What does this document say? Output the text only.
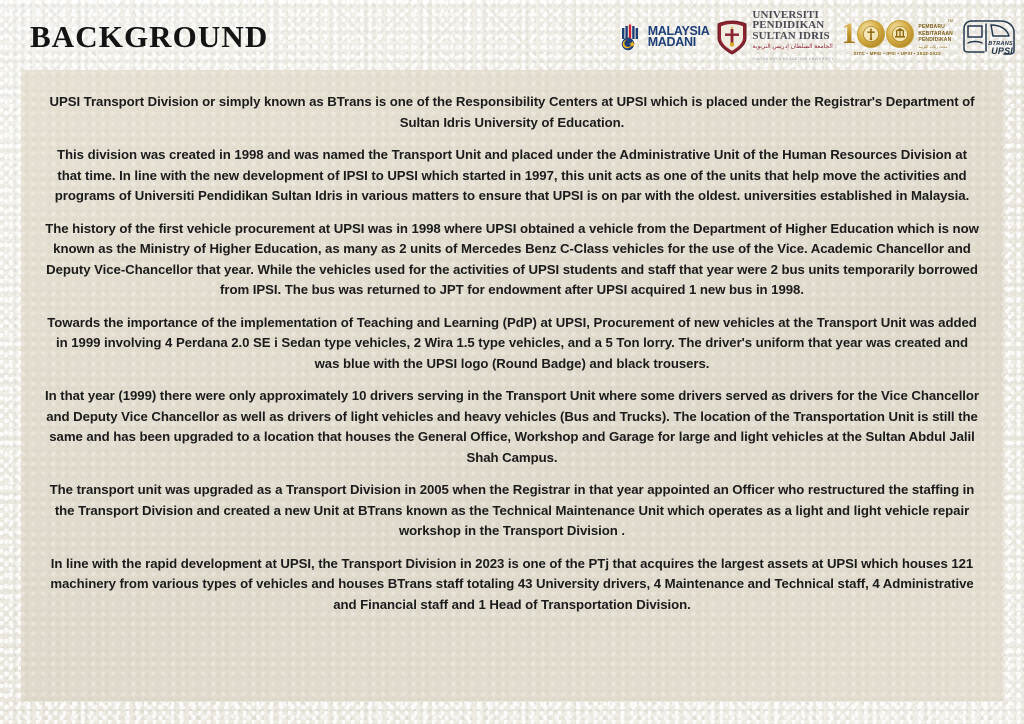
BACKGROUND	MALAYSIA
MADANI
UNIVERSITI
PENDIDIKAN
SULTAN IDRIS
الجامعة السلطان إدريس التربوية
SULTAN IDRIS EDUCATION UNIVERSITY
1	TM
PEMBARU
KEBITARAAN
PENDIDIKAN
مجدد ريادة التربية
SITC • MPSI • IPSI • UPSI • 1922-2022
BTRANS
UPSI

UPSI Transport Division or simply known as BTrans is one of the Responsibility Centers at UPSI which is placed under the Registrar's Department of Sultan Idris University of Education.

This division was created in 1998 and was named the Transport Unit and placed under the Administrative Unit of the Human Resources Division at that time. In line with the new development of IPSI to UPSI which started in 1997, this unit acts as one of the units that help move the activities and programs of Universiti Pendidikan Sultan Idris in various matters to ensure that UPSI is on par with the oldest. universities established in Malaysia.

The history of the first vehicle procurement at UPSI was in 1998 where UPSI obtained a vehicle from the Department of Higher Education which is now known as the Ministry of Higher Education, as many as 2 units of Mercedes Benz C-Class vehicles for the use of the Vice. Academic Chancellor and Deputy Vice-Chancellor that year. While the vehicles used for the activities of UPSI students and staff that year were 2 bus units temporarily borrowed from IPSI. The bus was returned to JPT for endowment after UPSI acquired 1 new bus in 1998.

Towards the importance of the implementation of Teaching and Learning (PdP) at UPSI, Procurement of new vehicles at the Transport Unit was added in 1999 involving 4 Perdana 2.0 SE i Sedan type vehicles, 2 Wira 1.5 type vehicles, and a 5 Ton lorry. The driver's uniform that year was created and was blue with the UPSI logo (Round Badge) and black trousers.

In that year (1999) there were only approximately 10 drivers serving in the Transport Unit where some drivers served as drivers for the Vice Chancellor and Deputy Vice Chancellor as well as drivers of light vehicles and heavy vehicles (Bus and Trucks). The location of the Transportation Unit is still the same and has been upgraded to a location that houses the General Office, Workshop and Garage for large and light vehicles at the Sultan Abdul Jalil Shah Campus.

The transport unit was upgraded as a Transport Division in 2005 when the Registrar in that year appointed an Officer who restructured the staffing in the Transport Division and created a new Unit at BTrans known as the Technical Maintenance Unit which operates as a light and light vehicle repair workshop in the Transport Division .

In line with the rapid development at UPSI, the Transport Division in 2023 is one of the PTj that acquires the largest assets at UPSI which houses 121 machinery from various types of vehicles and houses BTrans staff totaling 43 University drivers, 4 Maintenance and Technical staff, 4 Administrative and Financial staff and 1 Head of Transportation Division.
